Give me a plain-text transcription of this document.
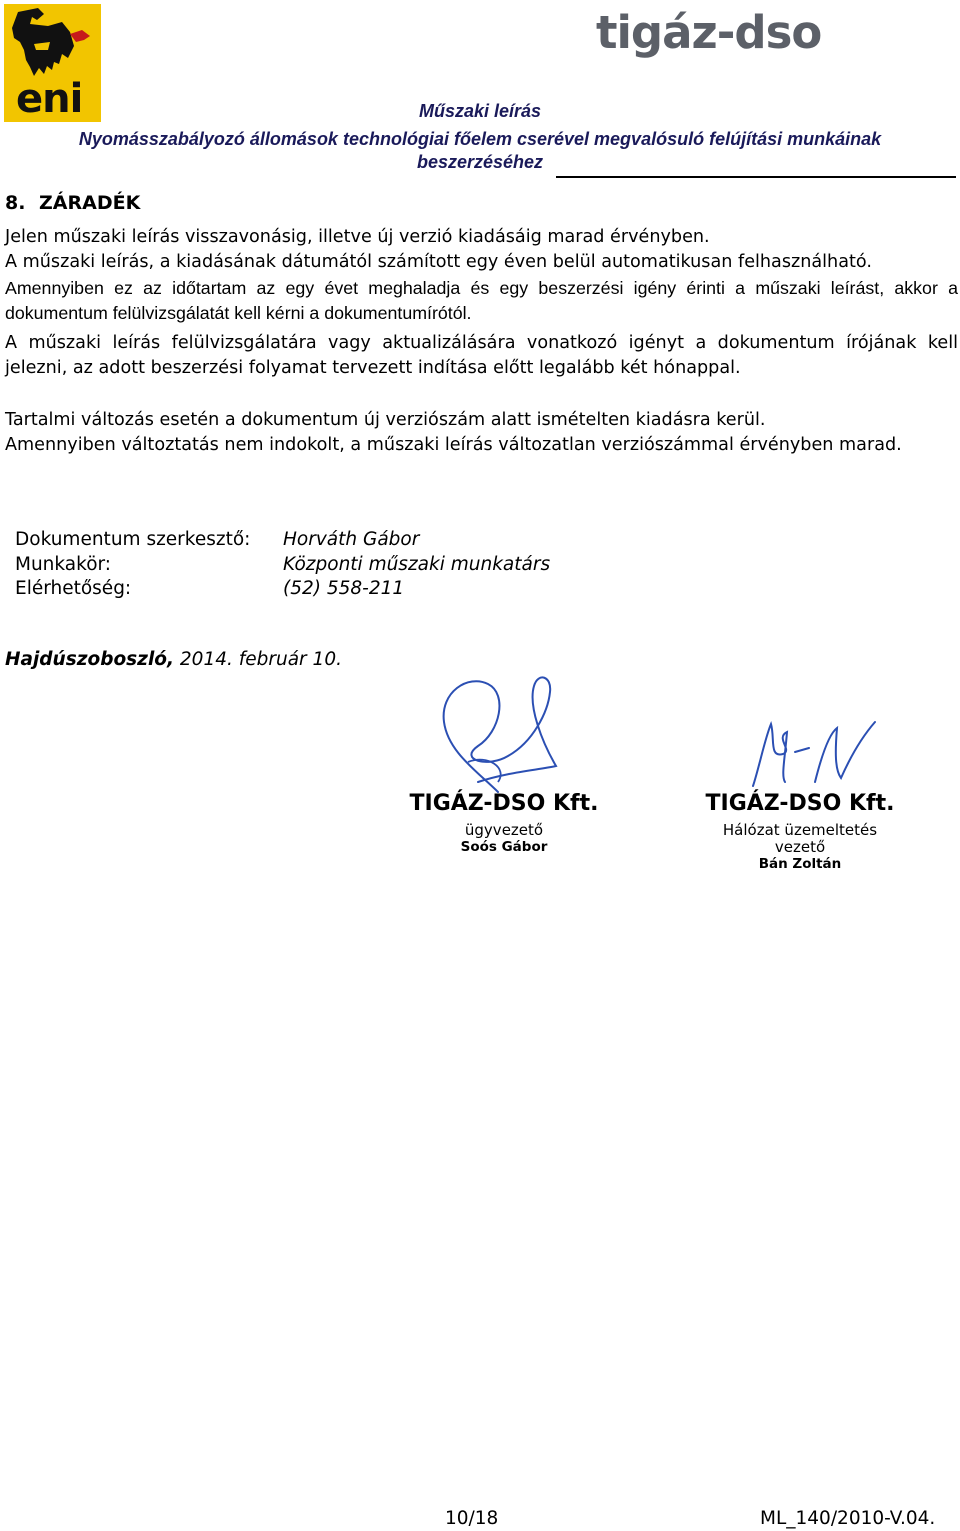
eni
tigáz-dso
Műszaki leírás
Nyomásszabályozó állomások technológiai főelem cserével megvalósuló felújítási munkáinak
beszerzéséhez
8. ZÁRADÉK
Jelen műszaki leírás visszavonásig, illetve új verzió kiadásáig marad érvényben.
A műszaki leírás, a kiadásának dátumától számított egy éven belül automatikusan felhasználható.
Amennyiben ez az időtartam az egy évet meghaladja és egy beszerzési igény érinti a műszaki leírást, akkor a dokumentum felülvizsgálatát kell kérni a dokumentumírótól.
A műszaki leírás felülvizsgálatára vagy aktualizálására vonatkozó igényt a dokumentum írójának kell jelezni, az adott beszerzési folyamat tervezett indítása előtt legalább két hónappal.
Tartalmi változás esetén a dokumentum új verziószám alatt ismételten kiadásra kerül.
Amennyiben változtatás nem indokolt, a műszaki leírás változatlan verziószámmal érvényben marad.
Dokumentum szerkesztő: Horváth Gábor
Munkakör:	Központi műszaki munkatárs
Elérhetőség:	(52) 558-211
Hajdúszoboszló, 2014. február 10.
TIGÁZ-DSO Kft.
ügyvezető
Soós Gábor
TIGÁZ-DSO Kft.
Hálózat üzemeltetés
vezető
Bán Zoltán
10/18	ML_140/2010-V.04.
